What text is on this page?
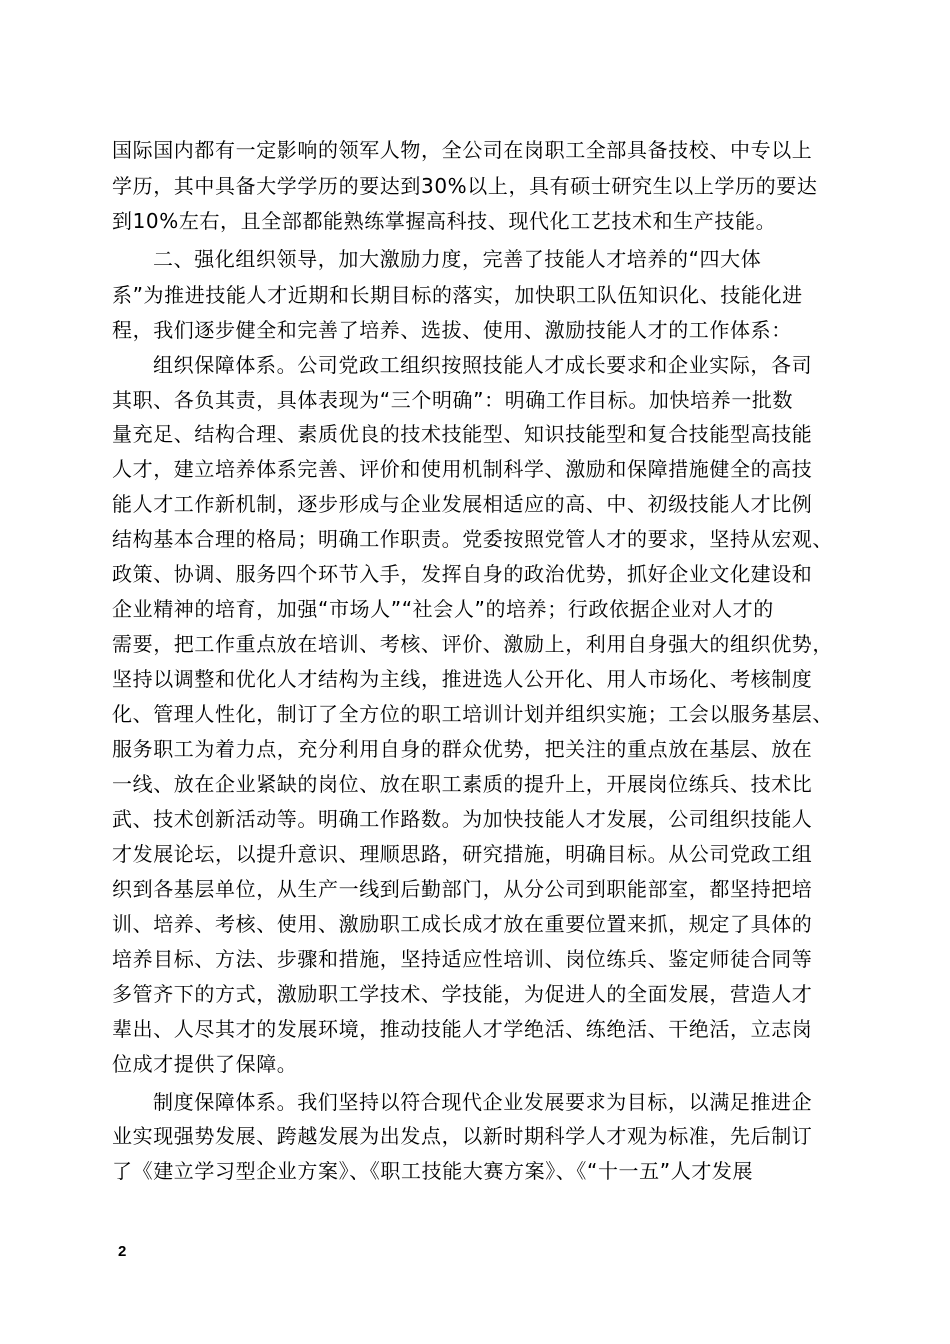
国际国内都有一定影响的领军人物，全公司在岗职工全部具备技校、中专以上
学历，其中具备大学学历的要达到30%以上，具有硕士研究生以上学历的要达
到10%左右，且全部都能熟练掌握高科技、现代化工艺技术和生产技能。
二、强化组织领导，加大激励力度，完善了技能人才培养的“四大体
系”为推进技能人才近期和长期目标的落实，加快职工队伍知识化、技能化进
程，我们逐步健全和完善了培养、选拔、使用、激励技能人才的工作体系：
组织保障体系。公司党政工组织按照技能人才成长要求和企业实际，各司
其职、各负其责，具体表现为“三个明确”：明确工作目标。加快培养一批数
量充足、结构合理、素质优良的技术技能型、知识技能型和复合技能型高技能
人才，建立培养体系完善、评价和使用机制科学、激励和保障措施健全的高技
能人才工作新机制，逐步形成与企业发展相适应的高、中、初级技能人才比例
结构基本合理的格局；明确工作职责。党委按照党管人才的要求，坚持从宏观、
政策、协调、服务四个环节入手，发挥自身的政治优势，抓好企业文化建设和
企业精神的培育，加强“市场人”“社会人”的培养；行政依据企业对人才的
需要，把工作重点放在培训、考核、评价、激励上，利用自身强大的组织优势，
坚持以调整和优化人才结构为主线，推进选人公开化、用人市场化、考核制度
化、管理人性化，制订了全方位的职工培训计划并组织实施；工会以服务基层、
服务职工为着力点，充分利用自身的群众优势，把关注的重点放在基层、放在
一线、放在企业紧缺的岗位、放在职工素质的提升上，开展岗位练兵、技术比
武、技术创新活动等。明确工作路数。为加快技能人才发展，公司组织技能人
才发展论坛，以提升意识、理顺思路，研究措施，明确目标。从公司党政工组
织到各基层单位，从生产一线到后勤部门，从分公司到职能部室，都坚持把培
训、培养、考核、使用、激励职工成长成才放在重要位置来抓，规定了具体的
培养目标、方法、步骤和措施，坚持适应性培训、岗位练兵、鉴定师徒合同等
多管齐下的方式，激励职工学技术、学技能，为促进人的全面发展，营造人才
辈出、人尽其才的发展环境，推动技能人才学绝活、练绝活、干绝活，立志岗
位成才提供了保障。
制度保障体系。我们坚持以符合现代企业发展要求为目标，以满足推进企
业实现强势发展、跨越发展为出发点，以新时期科学人才观为标准，先后制订
了《建立学习型企业方案》、《职工技能大赛方案》、《“十一五”人才发展
2
